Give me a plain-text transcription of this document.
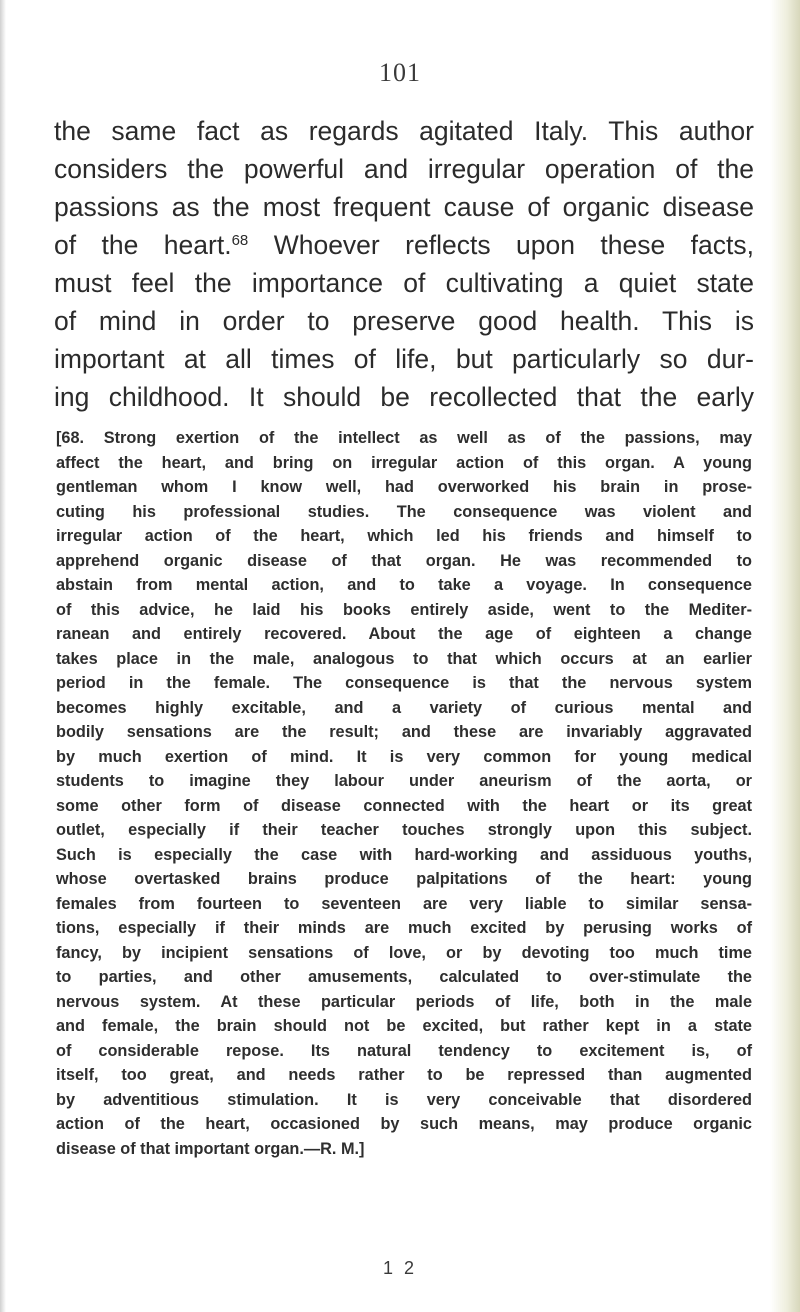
101
the same fact as regards agitated Italy. This author
considers the powerful and irregular operation of the
passions as the most frequent cause of organic disease
of the heart.$^{68}$ Whoever reflects upon these facts,
must feel the importance of cultivating a quiet state
of mind in order to preserve good health. This is
important at all times of life, but particularly so dur-
ing childhood. It should be recollected that the early
[68. Strong exertion of the intellect as well as of the passions, may
affect the heart, and bring on irregular action of this organ. A young
gentleman whom I know well, had overworked his brain in prose-
cuting his professional studies. The consequence was violent and
irregular action of the heart, which led his friends and himself to
apprehend organic disease of that organ. He was recommended to
abstain from mental action, and to take a voyage. In consequence
of this advice, he laid his books entirely aside, went to the Mediter-
ranean and entirely recovered. About the age of eighteen a change
takes place in the male, analogous to that which occurs at an earlier
period in the female. The consequence is that the nervous system
becomes highly excitable, and a variety of curious mental and
bodily sensations are the result; and these are invariably aggravated
by much exertion of mind. It is very common for young medical
students to imagine they labour under aneurism of the aorta, or
some other form of disease connected with the heart or its great
outlet, especially if their teacher touches strongly upon this subject.
Such is especially the case with hard-working and assiduous youths,
whose overtasked brains produce palpitations of the heart: young
females from fourteen to seventeen are very liable to similar sensa-
tions, especially if their minds are much excited by perusing works of
fancy, by incipient sensations of love, or by devoting too much time
to parties, and other amusements, calculated to over-stimulate the
nervous system. At these particular periods of life, both in the male
and female, the brain should not be excited, but rather kept in a state
of considerable repose. Its natural tendency to excitement is, of
itself, too great, and needs rather to be repressed than augmented
by adventitious stimulation. It is very conceivable that disordered
action of the heart, occasioned by such means, may produce organic
disease of that important organ.—R. M.]
1 2
